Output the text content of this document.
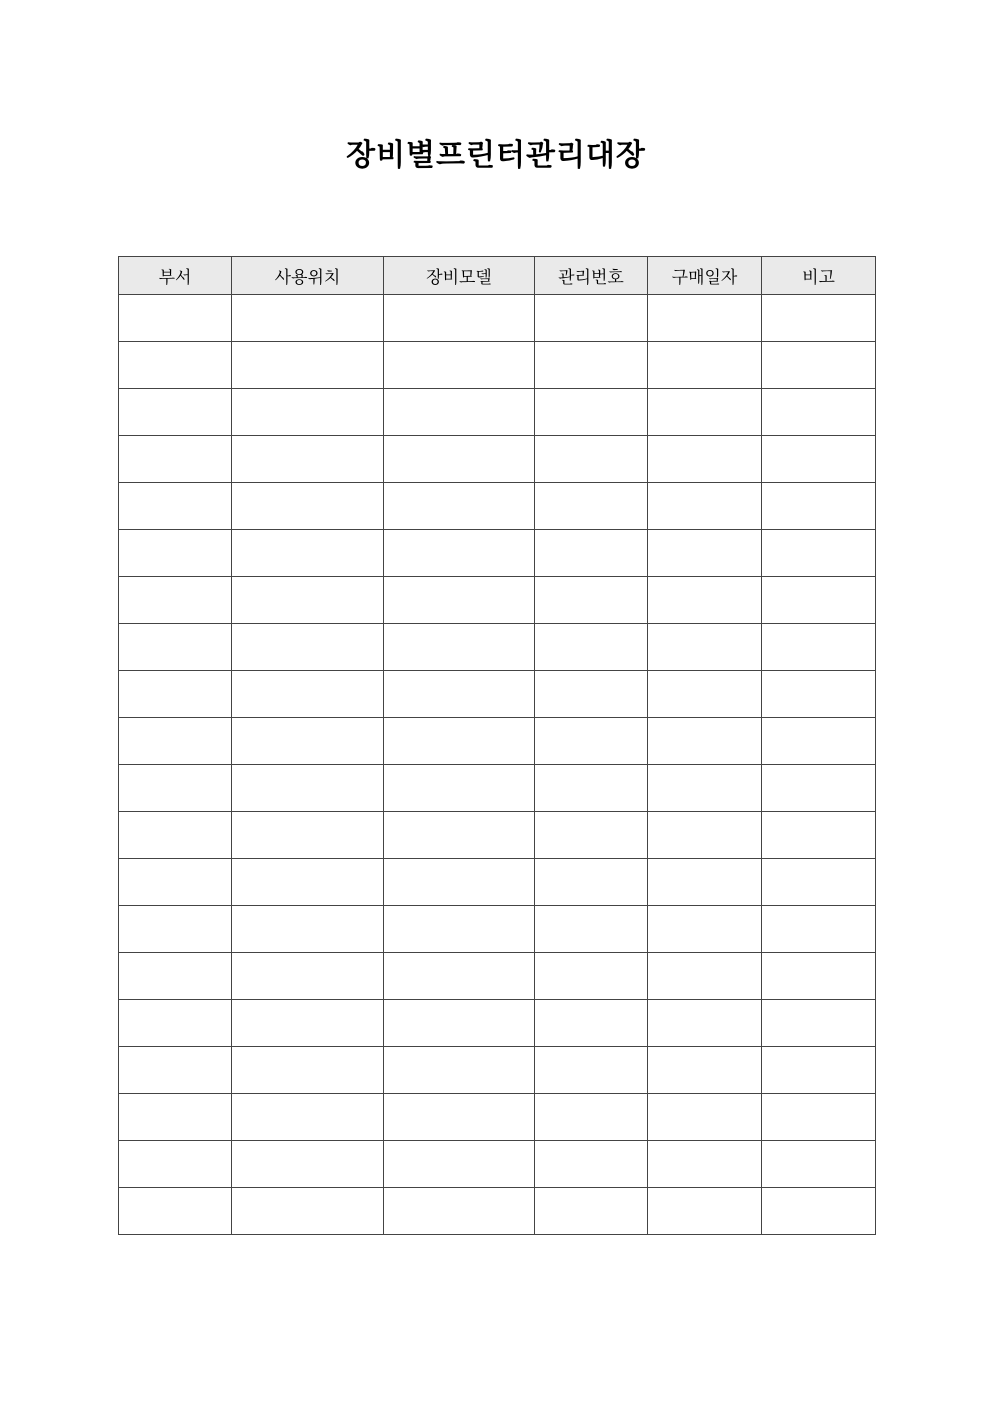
장비별프린터관리대장
부서	사용위치	장비모델	관리번호	구매일자	비고
